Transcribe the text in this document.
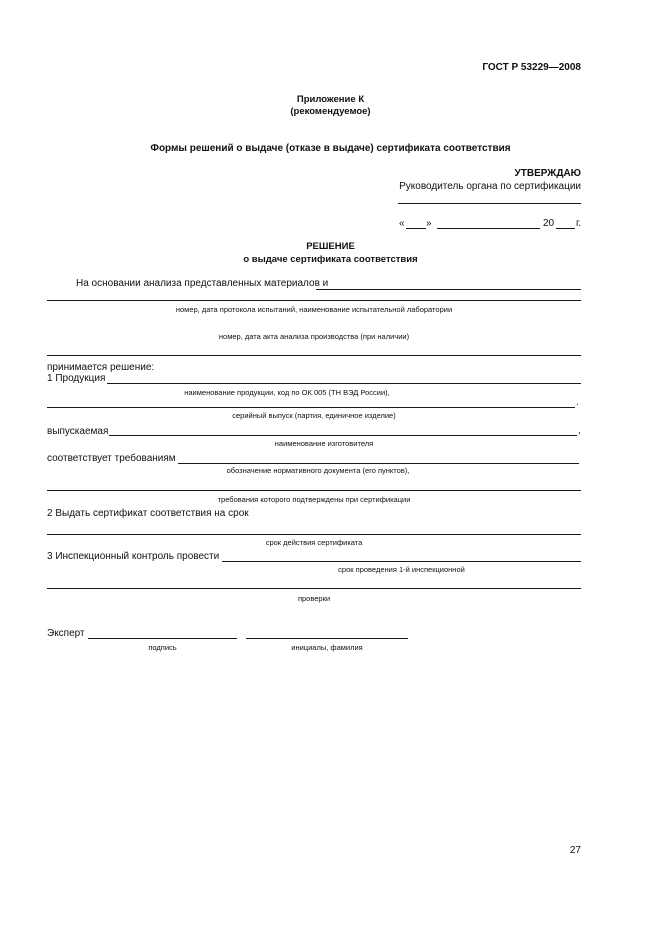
ГОСТ Р 53229—2008
Приложение К
(рекомендуемое)
Формы решений о выдаче (отказе в выдаче) сертификата соответствия
УТВЕРЖДАЮ
Руководитель органа по сертификации
« »	20 г.
РЕШЕНИЕ
о выдаче сертификата соответствия
На основании анализа представленных материалов и
номер, дата протокола испытаний, наименование испытательной лаборатории
номер, дата акта анализа производства (при наличии)
принимается решение:
1 Продукция
наименование продукции, код по ОК 005 (ТН ВЭД России),
.
серийный выпуск (партия, единичное изделие)
выпускаемая	,
наименование изготовителя
соответствует требованиям
обозначение нормативного документа (его пунктов),
требования которого подтверждены при сертификации
2 Выдать сертификат соответствия на срок
срок действия сертификата
3 Инспекционный контроль провести
срок проведения 1-й инспекционной
проверки
Эксперт
подпись	инициалы, фамилия
27
